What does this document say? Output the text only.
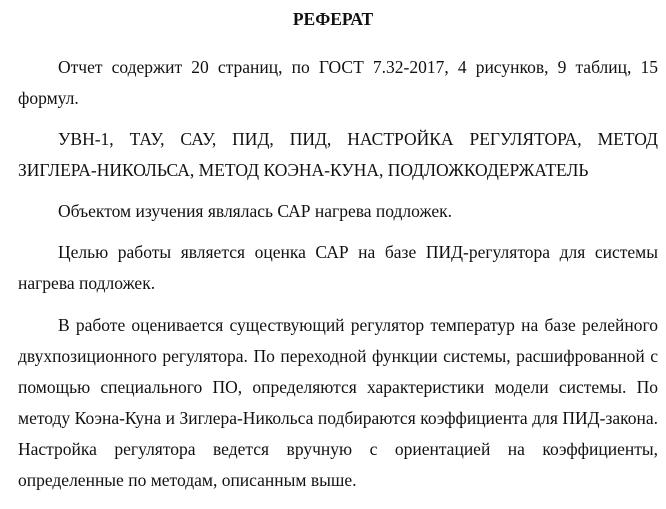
РЕФЕРАТ

Отчет содержит 20 страниц, по ГОСТ 7.32-2017, 4 рисунков, 9 таблиц, 15 формул.

УВН-1, ТАУ, САУ, ПИД, ПИД, НАСТРОЙКА РЕГУЛЯТОРА, МЕТОД ЗИГЛЕРА-НИКОЛЬСА, МЕТОД КОЭНА-КУНА, ПОДЛОЖКОДЕРЖАТЕЛЬ

Объектом изучения являлась САР нагрева подложек.

Целью работы является оценка САР на базе ПИД-регулятора для системы нагрева подложек.

В работе оценивается существующий регулятор температур на базе релейного двухпозиционного регулятора. По переходной функции системы, расшифрованной с помощью специального ПО, определяются характеристики модели системы. По методу Коэна-Куна и Зиглера-Никольса подбираются коэффициента для ПИД-закона. Настройка регулятора ведется вручную с ориентацией на коэффициенты, определенные по методам, описанным выше.
